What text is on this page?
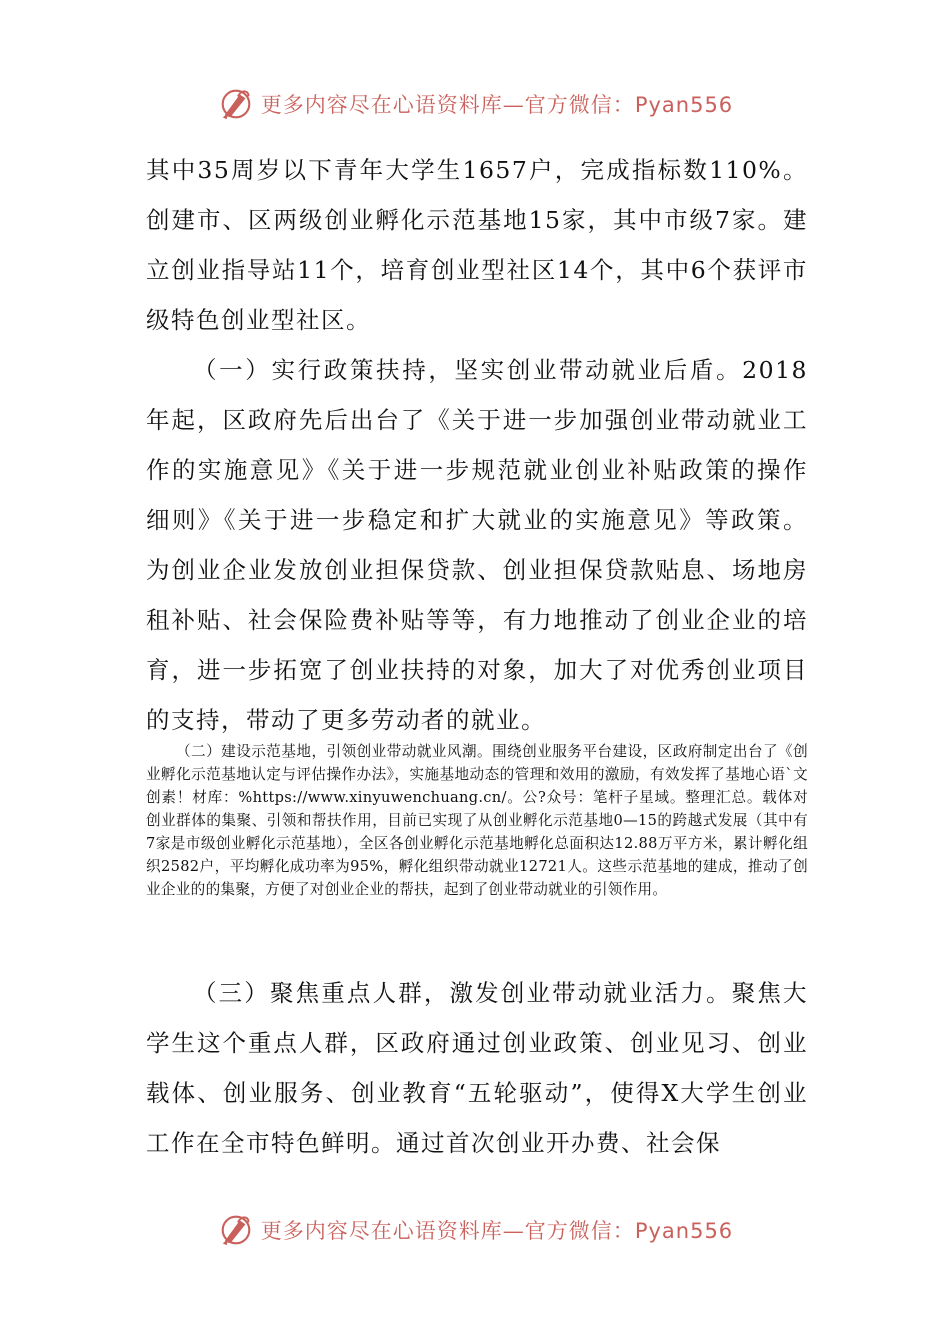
更多内容尽在心语资料库—官方微信：Pyan556

其中35周岁以下青年大学生1657户，完成指标数110%。创建市、区两级创业孵化示范基地15家，其中市级7家。建立创业指导站11个，培育创业型社区14个，其中6个获评市级特色创业型社区。

（一）实行政策扶持，坚实创业带动就业后盾。2018年起，区政府先后出台了《关于进一步加强创业带动就业工作的实施意见》《关于进一步规范就业创业补贴政策的操作细则》《关于进一步稳定和扩大就业的实施意见》等政策。为创业企业发放创业担保贷款、创业担保贷款贴息、场地房租补贴、社会保险费补贴等等，有力地推动了创业企业的培育，进一步拓宽了创业扶持的对象，加大了对优秀创业项目的支持，带动了更多劳动者的就业。

（二）建设示范基地，引领创业带动就业风潮。围绕创业服务平台建设，区政府制定出台了《创业孵化示范基地认定与评估操作办法》，实施基地动态的管理和效用的激励，有效发挥了基地心语`文创素！材库：%https://www.xinyuwenchuang.cn/。公?众号：笔杆子星域。整理汇总。载体对创业群体的集聚、引领和帮扶作用，目前已实现了从创业孵化示范基地0—15的跨越式发展（其中有7家是市级创业孵化示范基地），全区各创业孵化示范基地孵化总面积达12.88万平方米，累计孵化组织2582户，平均孵化成功率为95%，孵化组织带动就业12721人。这些示范基地的建成，推动了创业企业的的集聚，方便了对创业企业的帮扶，起到了创业带动就业的引领作用。

（三）聚焦重点人群，激发创业带动就业活力。聚焦大学生这个重点人群，区政府通过创业政策、创业见习、创业载体、创业服务、创业教育“五轮驱动”，使得X大学生创业工作在全市特色鲜明。通过首次创业开办费、社会保

更多内容尽在心语资料库—官方微信：Pyan556
